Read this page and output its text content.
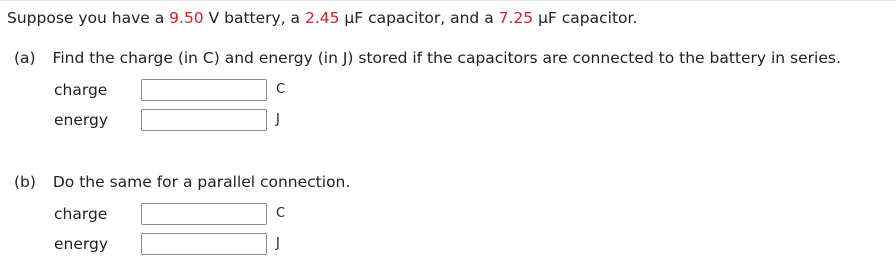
Suppose you have a 9.50 V battery, a 2.45 μF capacitor, and a 7.25 μF capacitor.
(a) Find the charge (in C) and energy (in J) stored if the capacitors are connected to the battery in series.
charge	C
energy	J
(b) Do the same for a parallel connection.
charge	C
energy	J
